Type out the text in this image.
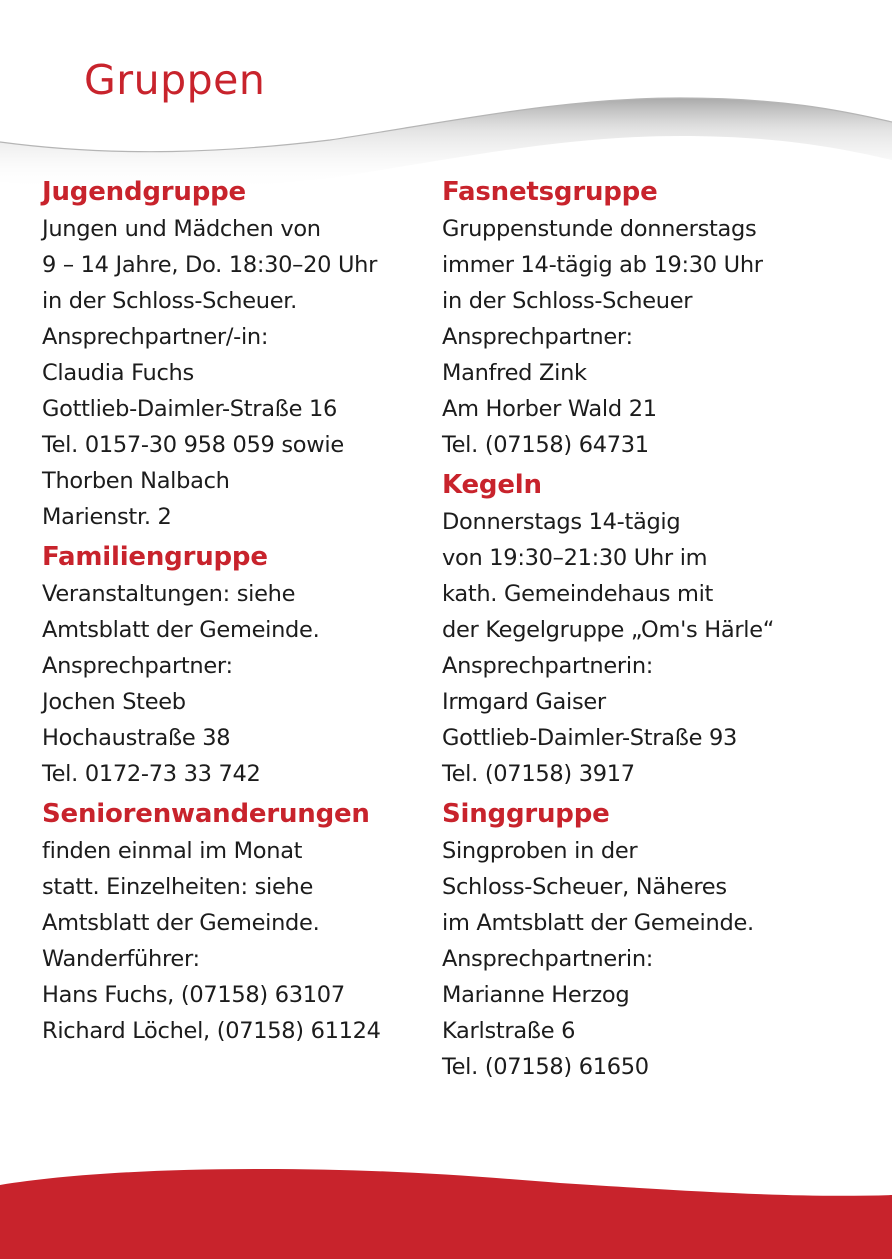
Gruppen
Jugendgruppe
Jungen und Mädchen von
9 – 14 Jahre, Do. 18:30–20 Uhr
in der Schloss-Scheuer.
Ansprechpartner/-in:
Claudia Fuchs
Gottlieb-Daimler-Straße 16
Tel. 0157-30 958 059 sowie
Thorben Nalbach
Marienstr. 2
Familiengruppe
Veranstaltungen: siehe
Amtsblatt der Gemeinde.
Ansprechpartner:
Jochen Steeb
Hochaustraße 38
Tel. 0172-73 33 742
Seniorenwanderungen
finden einmal im Monat
statt. Einzelheiten: siehe
Amtsblatt der Gemeinde.
Wanderführer:
Hans Fuchs, (07158) 63107
Richard Löchel, (07158) 61124
Fasnetsgruppe
Gruppenstunde donnerstags
immer 14-tägig ab 19:30 Uhr
in der Schloss-Scheuer
Ansprechpartner:
Manfred Zink
Am Horber Wald 21
Tel. (07158) 64731
Kegeln
Donnerstags 14-tägig
von 19:30–21:30 Uhr im
kath. Gemeindehaus mit
der Kegelgruppe „Om's Härle“
Ansprechpartnerin:
Irmgard Gaiser
Gottlieb-Daimler-Straße 93
Tel. (07158) 3917
Singgruppe
Singproben in der
Schloss-Scheuer, Näheres
im Amtsblatt der Gemeinde.
Ansprechpartnerin:
Marianne Herzog
Karlstraße 6
Tel. (07158) 61650
